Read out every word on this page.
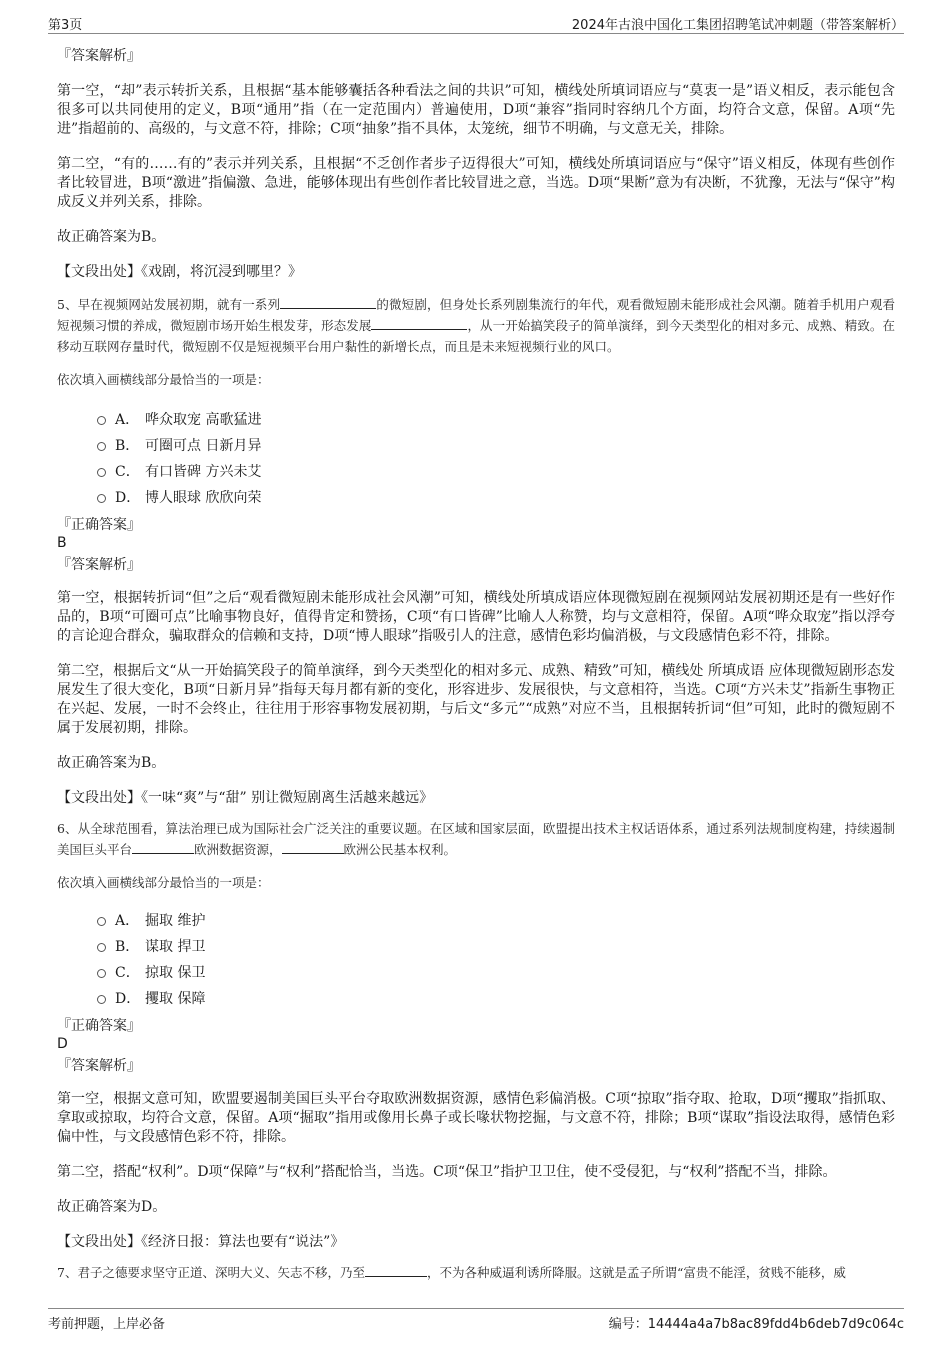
第3页	2024年古浪中国化工集团招聘笔试冲刺题（带答案解析）

『答案解析』

第一空，“却”表示转折关系，且根据“基本能够囊括各种看法之间的共识”可知，横线处所填词语应与“莫衷一是”语义相反，表示能包含很多可以共同使用的定义，B项“通用”指（在一定范围内）普遍使用，D项“兼容”指同时容纳几个方面，均符合文意，保留。A项“先进”指超前的、高级的，与文意不符，排除；C项“抽象”指不具体，太笼统，细节不明确，与文意无关，排除。

第二空，“有的……有的”表示并列关系，且根据“不乏创作者步子迈得很大”可知，横线处所填词语应与“保守”语义相反，体现有些创作者比较冒进，B项“激进”指偏激、急进，能够体现出有些创作者比较冒进之意，当选。D项“果断”意为有决断，不犹豫，无法与“保守”构成反义并列关系，排除。

故正确答案为B。

【文段出处】《戏剧，将沉浸到哪里？》

5、早在视频网站发展初期，就有一系列	的微短剧，但身处长系列剧集流行的年代，观看微短剧未能形成社会风潮。随着手机用户观看短视频习惯的养成，微短剧市场开始生根发芽，形态发展	，从一开始搞笑段子的简单演绎，到今天类型化的相对多元、成熟、精致。在移动互联网存量时代，微短剧不仅是短视频平台用户黏性的新增长点，而且是未来短视频行业的风口。

依次填入画横线部分最恰当的一项是：

A． 哗众取宠 高歌猛进
B． 可圈可点 日新月异
C． 有口皆碑 方兴未艾
D． 博人眼球 欣欣向荣

『正确答案』

B

『答案解析』

第一空，根据转折词“但”之后“观看微短剧未能形成社会风潮”可知，横线处所填成语应体现微短剧在视频网站发展初期还是有一些好作品的，B项“可圈可点”比喻事物良好，值得肯定和赞扬，C项“有口皆碑”比喻人人称赞，均与文意相符，保留。A项“哗众取宠”指以浮夸的言论迎合群众，骗取群众的信赖和支持，D项“博人眼球”指吸引人的注意，感情色彩均偏消极，与文段感情色彩不符，排除。

第二空，根据后文“从一开始搞笑段子的简单演绎，到今天类型化的相对多元、成熟、精致”可知，横线处 所填成语 应体现微短剧形态发展发生了很大变化，B项“日新月异”指每天每月都有新的变化，形容进步、发展很快，与文意相符，当选。C项“方兴未艾”指新生事物正在兴起、发展，一时不会终止，往往用于形容事物发展初期，与后文“多元”“成熟”对应不当，且根据转折词“但”可知，此时的微短剧不属于发展初期，排除。

故正确答案为B。

【文段出处】《一味“爽”与“甜” 别让微短剧离生活越来越远》

6、从全球范围看，算法治理已成为国际社会广泛关注的重要议题。在区域和国家层面，欧盟提出技术主权话语体系，通过系列法规制度构建，持续遏制美国巨头平台	欧洲数据资源，	欧洲公民基本权利。

依次填入画横线部分最恰当的一项是：

A． 掘取 维护
B． 谋取 捍卫
C． 掠取 保卫
D． 攫取 保障

『正确答案』

D

『答案解析』

第一空，根据文意可知，欧盟要遏制美国巨头平台夺取欧洲数据资源，感情色彩偏消极。C项“掠取”指夺取、抢取，D项“攫取”指抓取、拿取或掠取，均符合文意，保留。A项“掘取”指用或像用长鼻子或长喙状物挖掘，与文意不符，排除；B项“谋取”指设法取得，感情色彩偏中性，与文段感情色彩不符，排除。

第二空，搭配“权利”。D项“保障”与“权利”搭配恰当，当选。C项“保卫”指护卫卫住，使不受侵犯，与“权利”搭配不当，排除。

故正确答案为D。

【文段出处】《经济日报：算法也要有“说法”》

7、君子之德要求坚守正道、深明大义、矢志不移，乃至	，不为各种威逼利诱所降服。这就是孟子所谓“富贵不能淫，贫贱不能移，威

考前押题，上岸必备	编号：14444a4a7b8ac89fdd4b6deb7d9c064c
